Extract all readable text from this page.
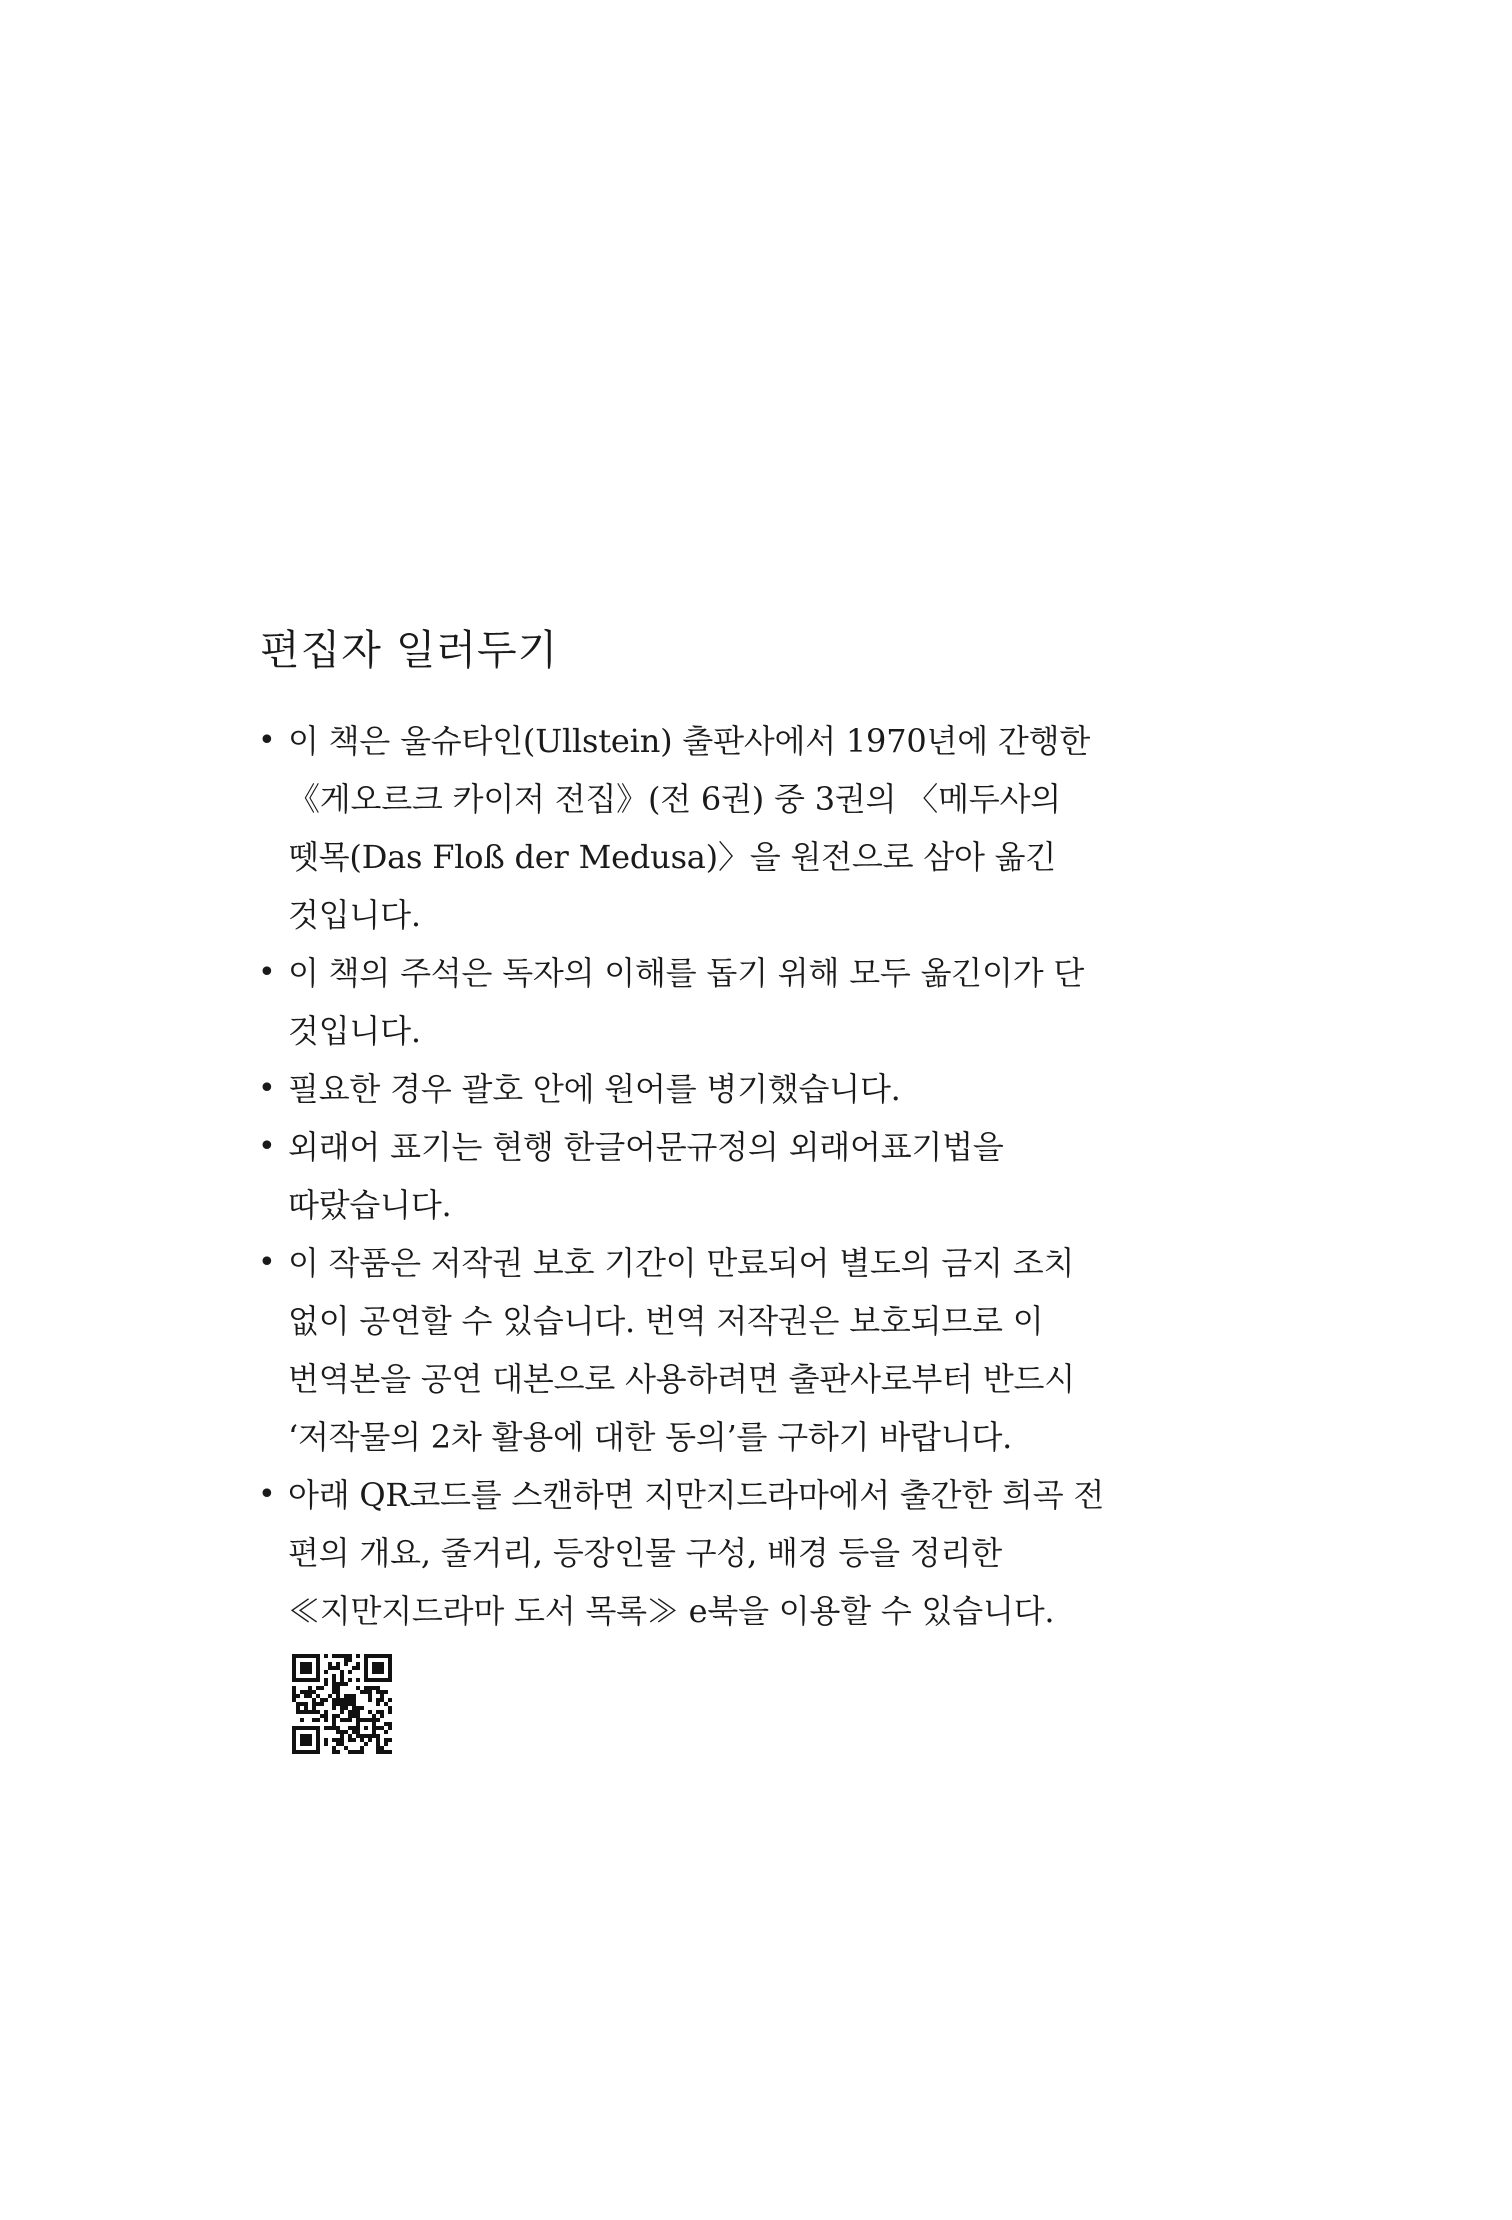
편집자 일러두기
• 이 책은 울슈타인(Ullstein) 출판사에서 1970년에 간행한
《게오르크 카이저 전집》(전 6권) 중 3권의 〈메두사의
뗏목(Das Floß der Medusa)〉을 원전으로 삼아 옮긴
것입니다.
• 이 책의 주석은 독자의 이해를 돕기 위해 모두 옮긴이가 단
것입니다.
• 필요한 경우 괄호 안에 원어를 병기했습니다.
• 외래어 표기는 현행 한글어문규정의 외래어표기법을
따랐습니다.
• 이 작품은 저작권 보호 기간이 만료되어 별도의 금지 조치
없이 공연할 수 있습니다. 번역 저작권은 보호되므로 이
번역본을 공연 대본으로 사용하려면 출판사로부터 반드시
‘저작물의 2차 활용에 대한 동의’를 구하기 바랍니다.
• 아래 QR코드를 스캔하면 지만지드라마에서 출간한 희곡 전
편의 개요, 줄거리, 등장인물 구성, 배경 등을 정리한
≪지만지드라마 도서 목록≫ e북을 이용할 수 있습니다.
